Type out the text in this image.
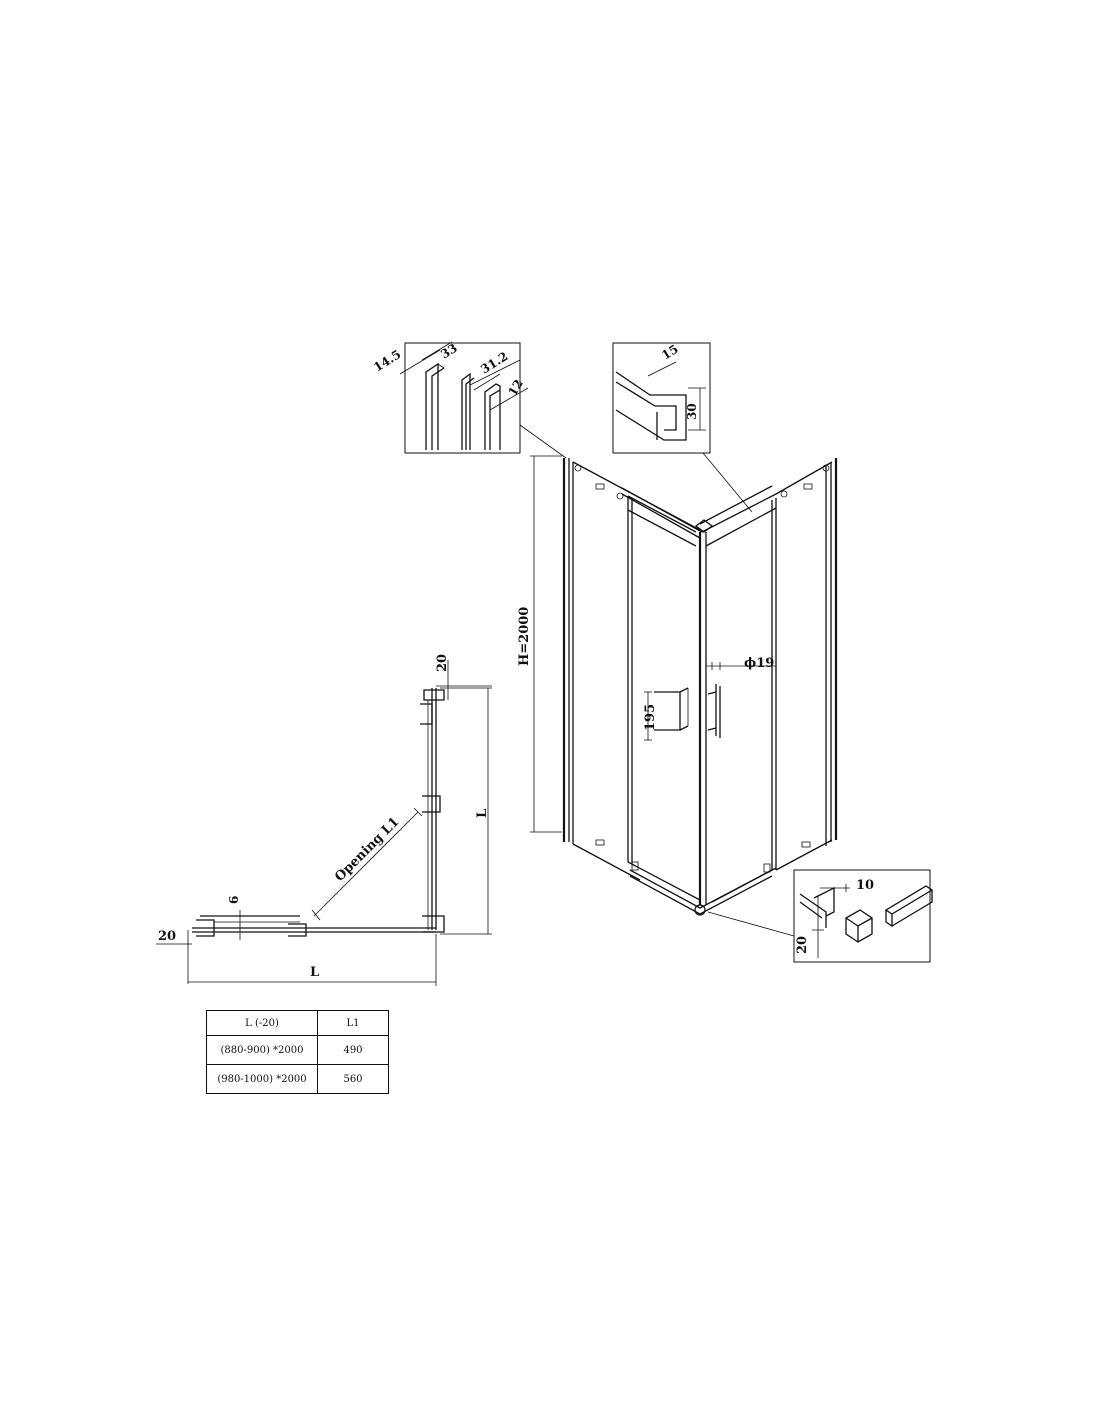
14.5	33 31.2
12
15
30
H=2000	ϕ19
195
10
20
Opening L1
20
L
6
20
L
L (-20)	L1
(880-900) *2000	490
(980-1000) *2000	560
